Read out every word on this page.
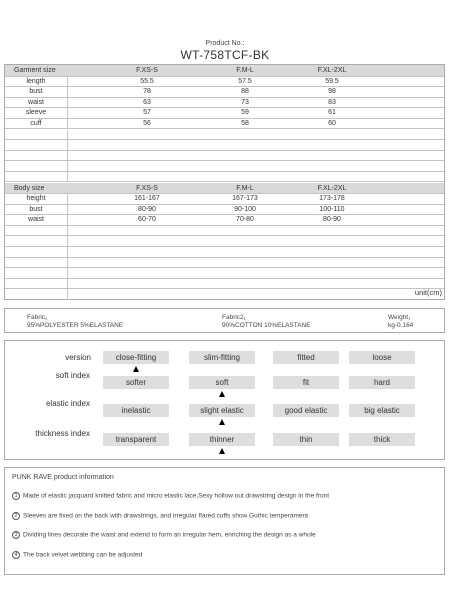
Product No.:
WT-758TCF-BK
Garment size	F.XS-S	F.M-L	F.XL-2XL
length	55.5	57.5	59.5
bust	78	88	98
waist	63	73	83
sleeve	57	59	61
cuff	56	58	60
Body size	F.XS-S	F.M-L	F.XL-2XL
height	161-167	167-173	173-178
bust	80-90	90-100	100-110
waist	60-70	70-80	80-90
unit(cm)
Fabric₁
95%POLYESTER 5%ELASTANE
Fabric2₁
90%COTTON 10%ELASTANE
Weight₁
kg-0.164
version	close-fitting	slim-fitting	fitted	loose
soft index
softer	soft	fit	hard
elastic index
inelastic	slight elastic	good elastic	big elastic
thickness index
transparent	thinner	thin	thick
PUNK RAVE product information
1 Made of elastic jacquard knitted fabric and micro elastic lace,Sexy hollow out drawstring design in the front
2 Sleeves are fixed on the back with drawstrings, and irregular flared cuffs show Gothic temperament
3 Dividing lines decorate the waist and extend to form an irregular hem, enriching the design as a whole
4 The back velvet webbing can be adjusted
